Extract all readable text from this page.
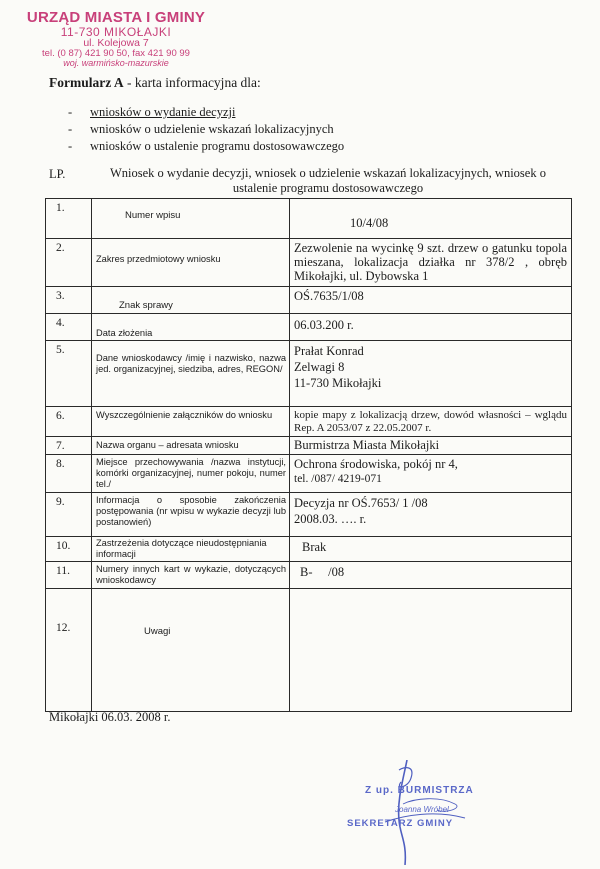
URZĄD MIASTA I GMINY
11-730 MIKOŁAJKI
ul. Kolejowa 7
tel. (0 87) 421 90 50, fax 421 90 99
woj. warmińsko-mazurskie
Formularz A - karta informacyjna dla:
- wniosków o wydanie decyzji
- wniosków o udzielenie wskazań lokalizacyjnych
- wniosków o ustalenie programu dostosowawczego
LP.	Wniosek o wydanie decyzji, wniosek o udzielenie wskazań lokalizacyjnych, wniosek o ustalenie programu dostosowawczego
1.	Numer wpisu	10/4/08

2.	Zakres przedmiotowy wniosku	Zezwolenie na wycinkę 9 szt. drzew o gatunku topola mieszana, lokalizacja działka nr 378/2 , obręb Mikołajki, ul. Dybowska 1

3.	Znak sprawy	OŚ.7635/1/08

4.	Data złożenia	06.03.200 r.

5.	Dane wnioskodawcy /imię i nazwisko, nazwa jed. organizacyjnej, siedziba, adres, REGON/	Prałat Konrad
Zelwagi 8
11-730 Mikołajki

6.	Wyszczególnienie załączników do wniosku	kopie mapy z lokalizacją drzew, dowód własności – wglądu Rep. A 2053/07 z 22.05.2007 r.

7.	Nazwa organu – adresata wniosku	Burmistrza Miasta Mikołajki

8.	Miejsce przechowywania /nazwa instytucji, komórki organizacyjnej, numer pokoju, numer tel./	Ochrona środowiska, pokój nr 4,
tel. /087/ 4219-071

9.	Informacja o sposobie zakończenia postępowania (nr wpisu w wykazie decyzji lub postanowień)	Decyzja nr OŚ.7653/ 1 /08
2008.03. …. r.

10.	Zastrzeżenia dotyczące nieudostępniania informacji	Brak

11.	Numery innych kart w wykazie, dotyczących wnioskodawcy	B-     /08

12.	Uwagi	

Mikołajki 06.03. 2008 r.
Z up. BURMISTRZA
Joanna Wróbel
SEKRETARZ GMINY
